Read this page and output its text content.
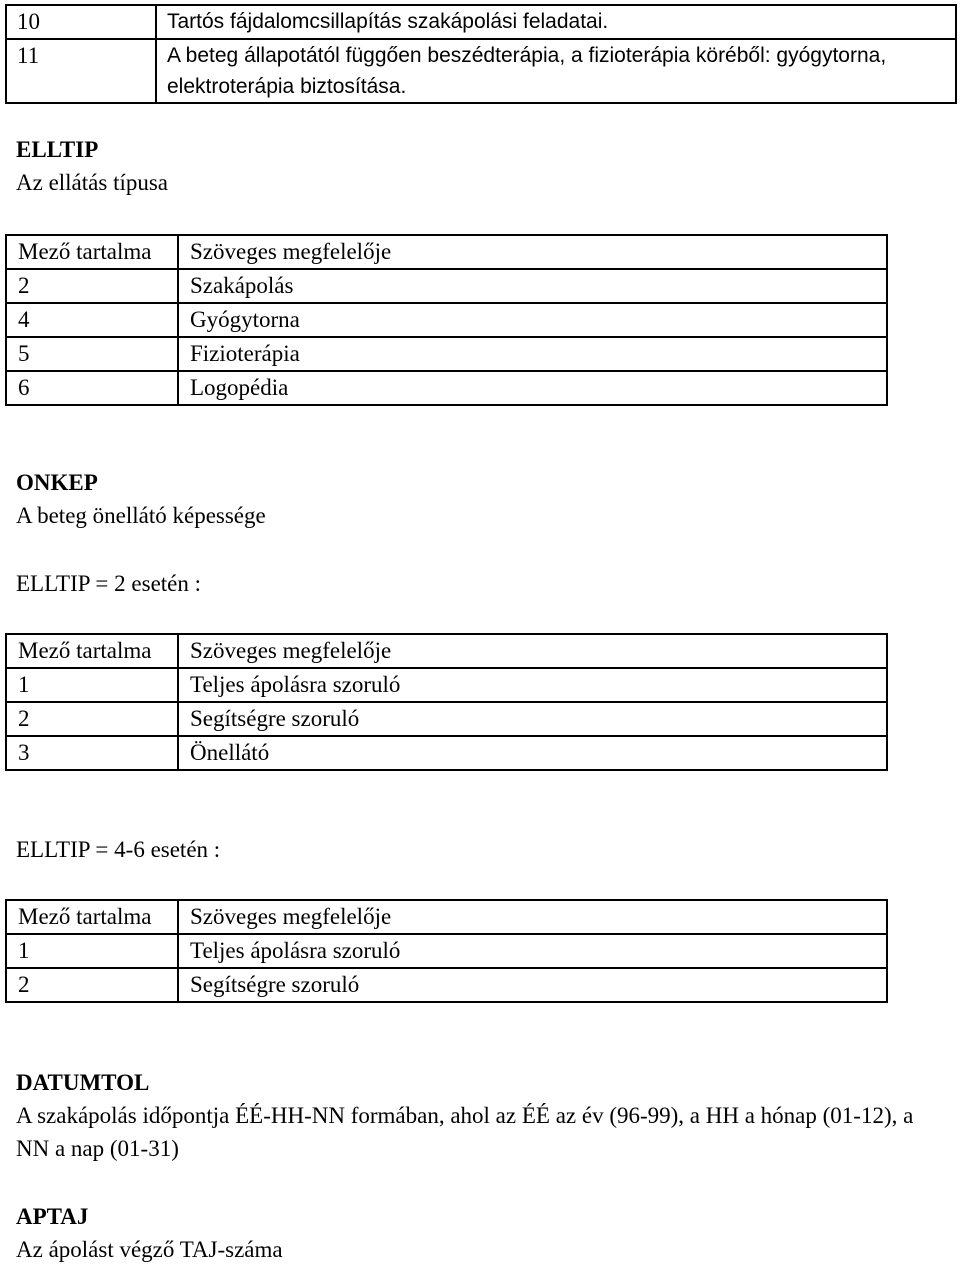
10	Tartós fájdalomcsillapítás szakápolási feladatai.
11	A beteg állapotától függően beszédterápia, a fizioterápia köréből: gyógytorna, elektroterápia biztosítása.
ELLTIP
Az ellátás típusa
Mező tartalma	Szöveges megfelelője
2	Szakápolás
4	Gyógytorna
5	Fizioterápia
6	Logopédia
ONKEP
A beteg önellátó képessége
ELLTIP = 2 esetén :
Mező tartalma	Szöveges megfelelője
1	Teljes ápolásra szoruló
2	Segítségre szoruló
3	Önellátó
ELLTIP = 4-6 esetén :
Mező tartalma	Szöveges megfelelője
1	Teljes ápolásra szoruló
2	Segítségre szoruló
DATUMTOL
A szakápolás időpontja ÉÉ-HH-NN formában, ahol az ÉÉ az év (96-99), a HH a hónap (01-12), a NN a nap (01-31)
APTAJ
Az ápolást végző TAJ-száma
